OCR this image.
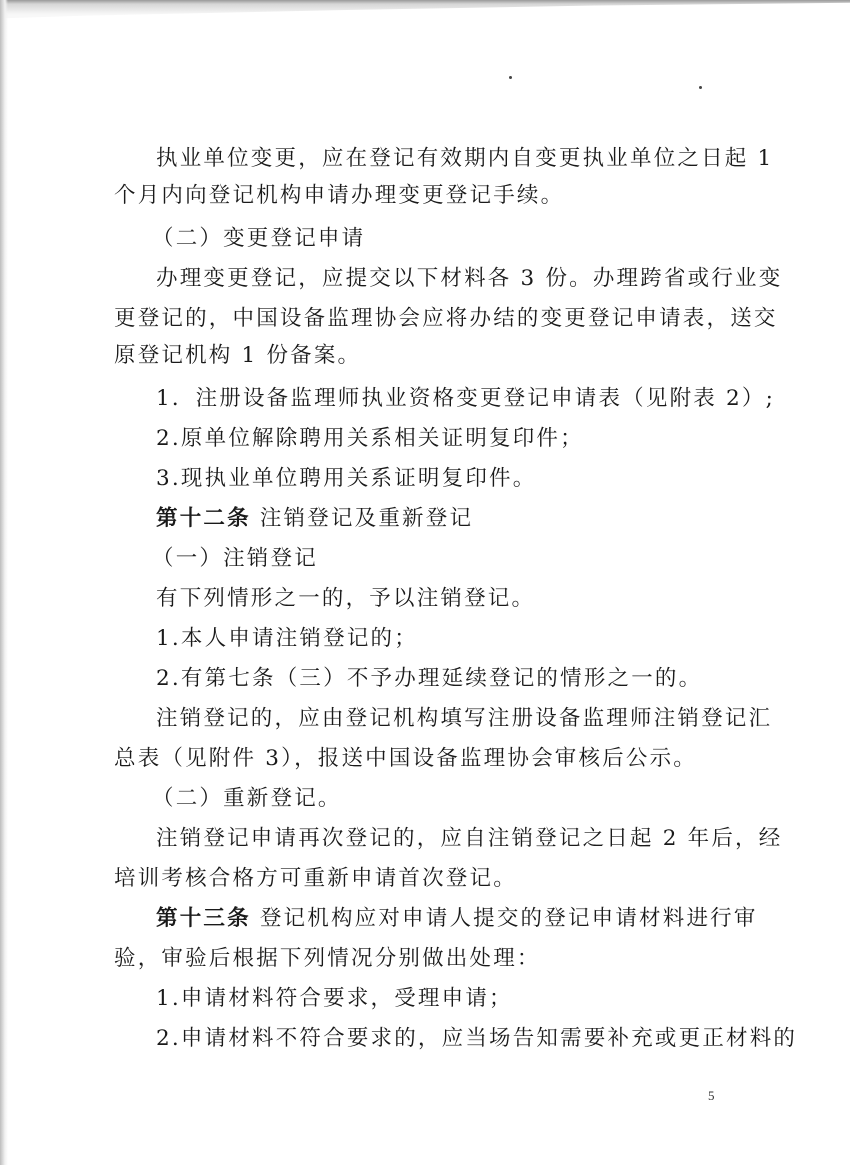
执业单位变更，应在登记有效期内自变更执业单位之日起 1
个月内向登记机构申请办理变更登记手续。
（二）变更登记申请
办理变更登记，应提交以下材料各 3 份。办理跨省或行业变
更登记的，中国设备监理协会应将办结的变更登记申请表，送交
原登记机构 1 份备案。
1．注册设备监理师执业资格变更登记申请表（见附表 2）;
2.原单位解除聘用关系相关证明复印件；
3.现执业单位聘用关系证明复印件。
第十二条 注销登记及重新登记
（一）注销登记
有下列情形之一的，予以注销登记。
1.本人申请注销登记的；
2.有第七条（三）不予办理延续登记的情形之一的。
注销登记的，应由登记机构填写注册设备监理师注销登记汇
总表（见附件 3），报送中国设备监理协会审核后公示。
（二）重新登记。
注销登记申请再次登记的，应自注销登记之日起 2 年后，经
培训考核合格方可重新申请首次登记。
第十三条 登记机构应对申请人提交的登记申请材料进行审
验，审验后根据下列情况分别做出处理：
1.申请材料符合要求，受理申请；
2.申请材料不符合要求的，应当场告知需要补充或更正材料的
5
